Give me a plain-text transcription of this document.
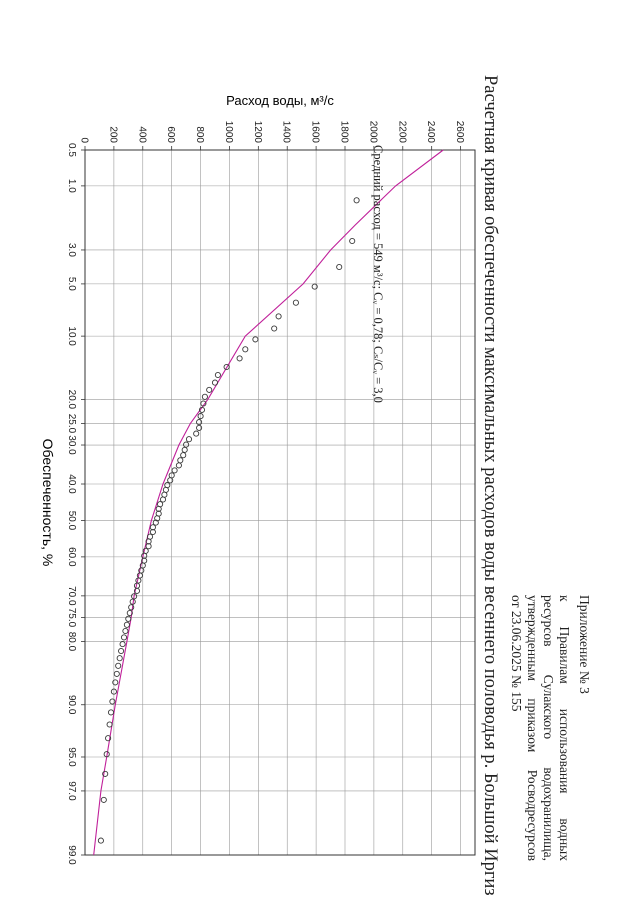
Приложение № 3
к Правилам использования водных
ресурсов Сулакского водохранилища,
утвержденным приказом Росводресурсов
от 23.06.2025 № 155
Расчетная кривая обеспеченности максимальных расходов воды весеннего половодья р. Большой Иргиз
0.5
1.0
3.0
5.0
10.0
20.0
25.0
30.0
40.0
50.0
60.0
70.0
75.0
80.0
90.0
95.0
97.0
99.0
0 200 400 600 800 1000 1200 1400 1600 1800 2000 2200 2400 2600
Обеспеченность, %
Расход воды, м³/с
Средний расход = 549 м³/с; Cᵥ = 0,78; Cₛ/Cᵥ = 3,0
